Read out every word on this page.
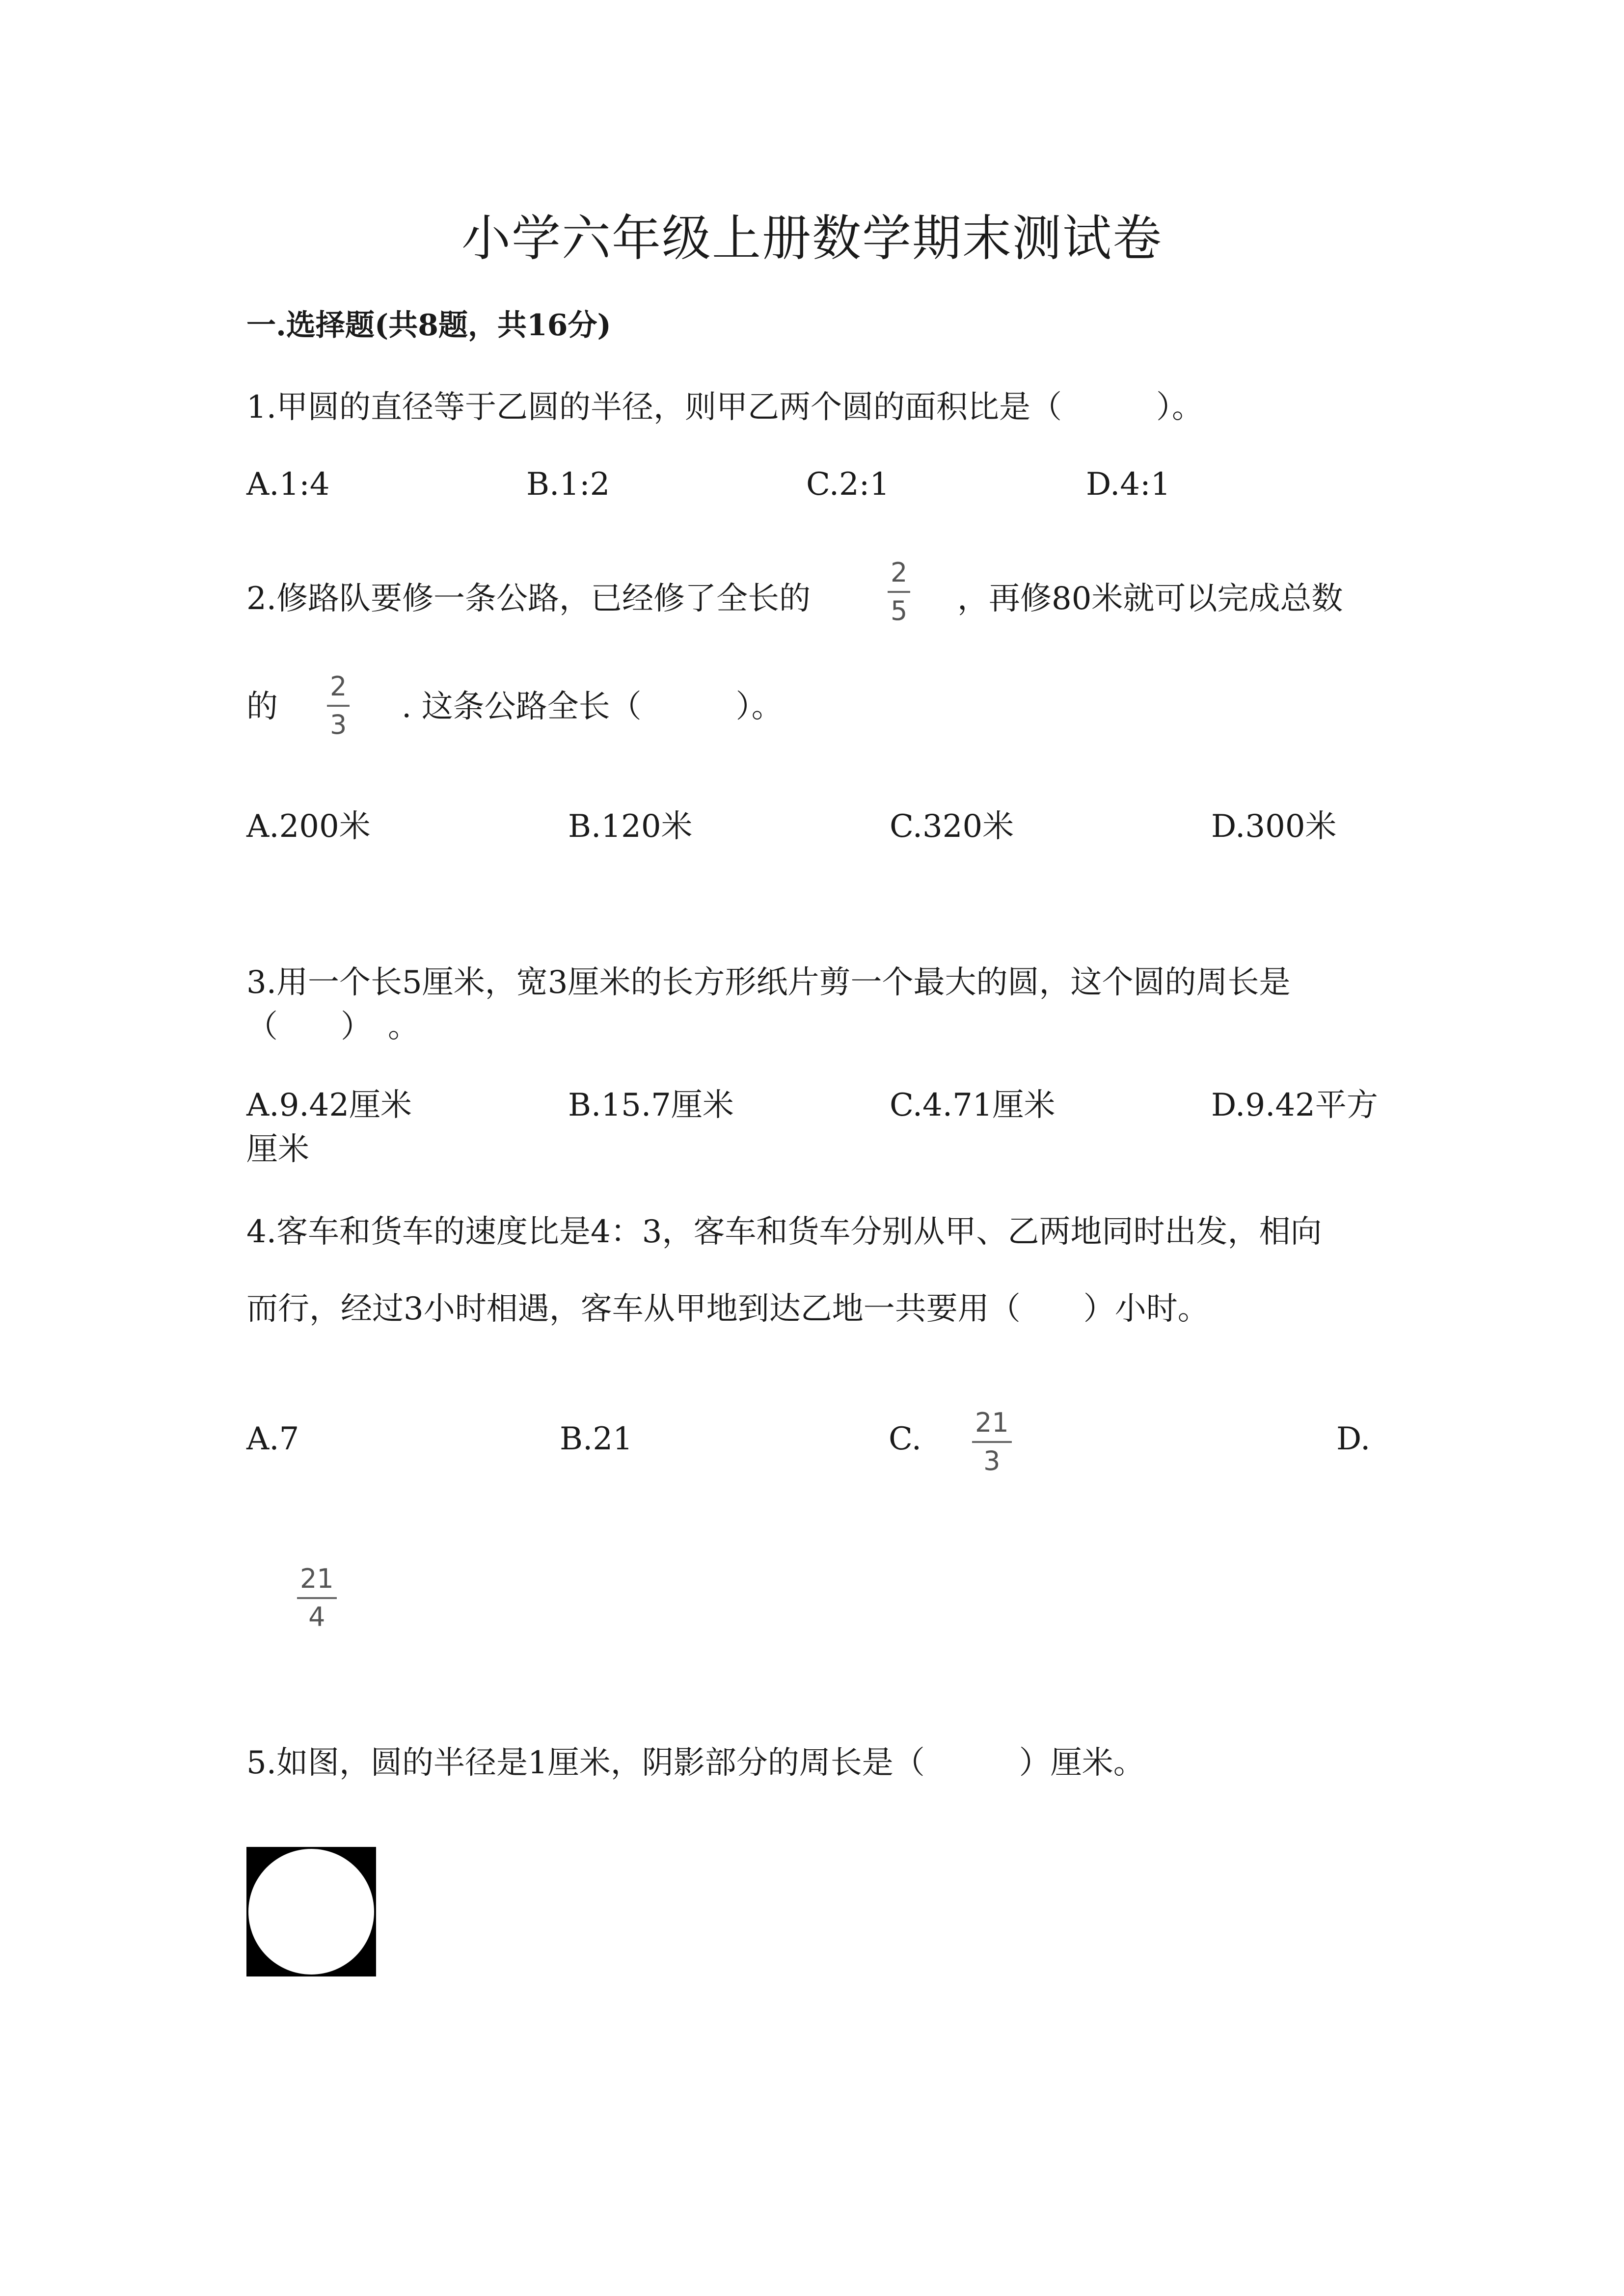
小学六年级上册数学期末测试卷
一.选择题(共8题，共16分)
1.甲圆的直径等于乙圆的半径，则甲乙两个圆的面积比是（　　　）。
A.1:4	B.1:2	C.2:1	D.4:1
2.修路队要修一条公路，已经修了全长的
2
5 ，再修80米就可以完成总数
的
2
3 . 这条公路全长（　　　）。
A.200米	B.120米	C.320米	D.300米
3.用一个长5厘米，宽3厘米的长方形纸片剪一个最大的圆，这个圆的周长是
（　　）　。
A.9.42厘米	B.15.7厘米	C.4.71厘米	D.9.42平方
厘米
4.客车和货车的速度比是4：3，客车和货车分别从甲、乙两地同时出发，相向
而行，经过3小时相遇，客车从甲地到达乙地一共要用（　　）小时。
A.7	B.21	C. 21
3
D.
21
4
5.如图，圆的半径是1厘米，阴影部分的周长是（　　　）厘米。
